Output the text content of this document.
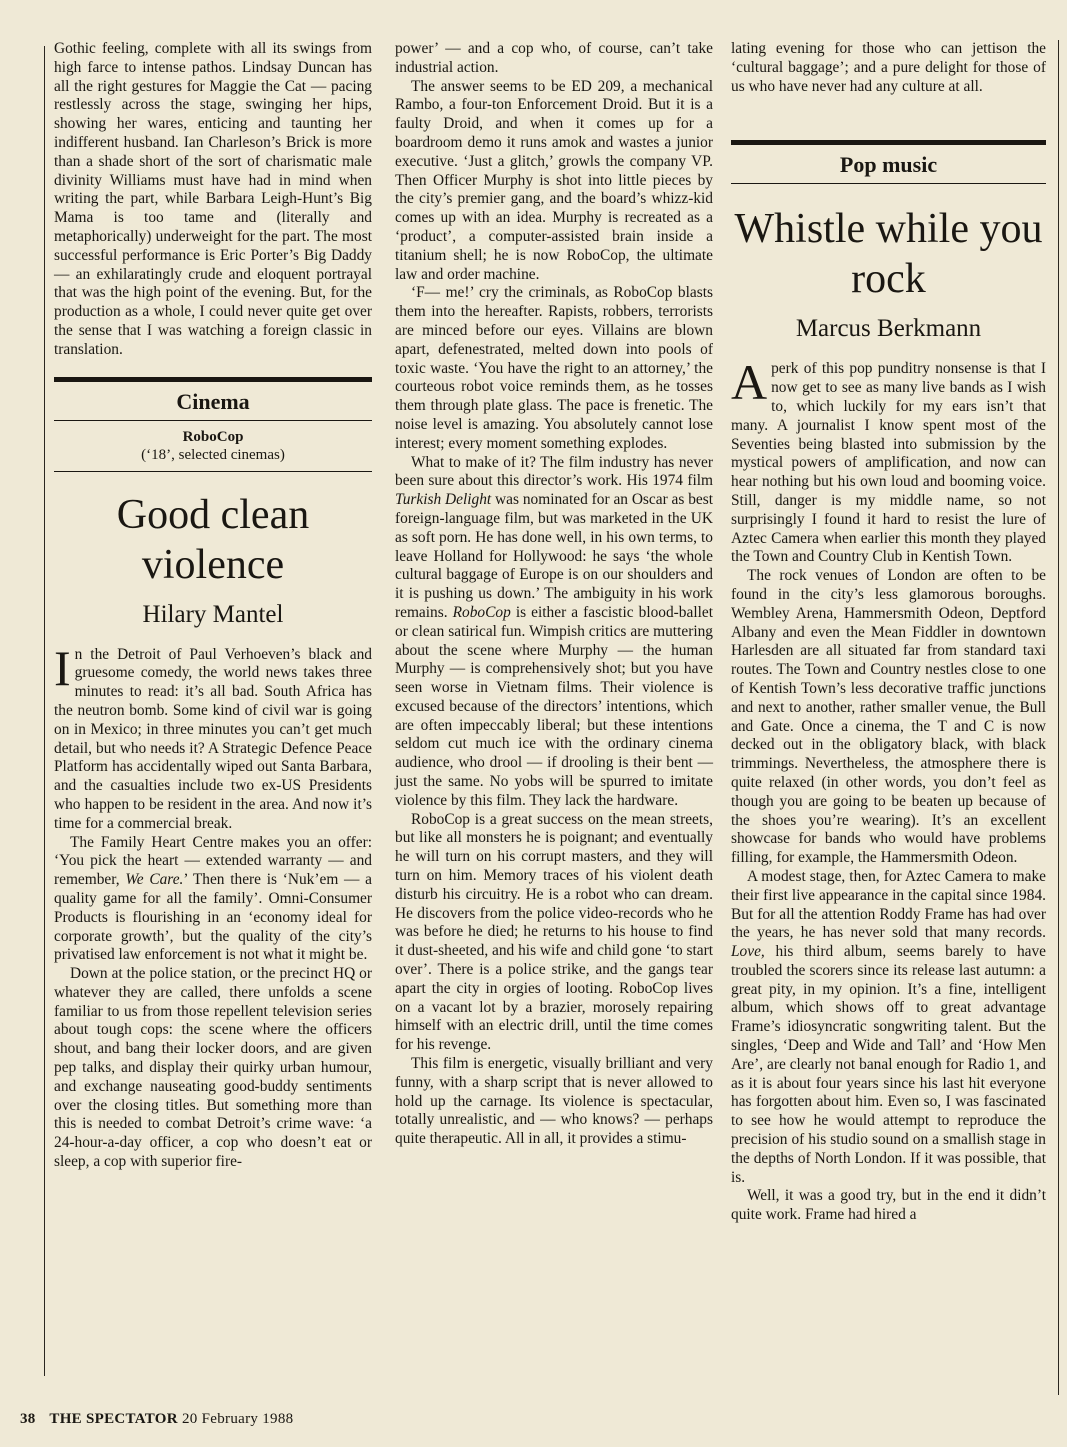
Gothic feeling, complete with all its swings from high farce to intense pathos. Lindsay Duncan has all the right gestures for Maggie the Cat — pacing restlessly across the stage, swinging her hips, showing her wares, enticing and taunting her indifferent husband. Ian Charleson’s Brick is more than a shade short of the sort of charismatic male divinity Williams must have had in mind when writing the part, while Barbara Leigh-Hunt’s Big Mama is too tame and (literally and metaphorically) underweight for the part. The most successful performance is Eric Porter’s Big Daddy — an exhilaratingly crude and eloquent portrayal that was the high point of the evening. But, for the production as a whole, I could never quite get over the sense that I was watching a foreign classic in translation.

Cinema
RoboCop
(‘18’, selected cinemas)
Good clean violence
Hilary Mantel

In the Detroit of Paul Verhoeven’s black and gruesome comedy, the world news takes three minutes to read: it’s all bad. South Africa has the neutron bomb. Some kind of civil war is going on in Mexico; in three minutes you can’t get much detail, but who needs it? A Strategic Defence Peace Platform has accidentally wiped out Santa Barbara, and the casualties include two ex-US Presidents who happen to be resident in the area. And now it’s time for a commercial break.

The Family Heart Centre makes you an offer: ‘You pick the heart — extended warranty — and remember, We Care.’ Then there is ‘Nuk’em — a quality game for all the family’. Omni-Consumer Products is flourishing in an ‘economy ideal for corporate growth’, but the quality of the city’s privatised law enforcement is not what it might be.

Down at the police station, or the precinct HQ or whatever they are called, there unfolds a scene familiar to us from those repellent television series about tough cops: the scene where the officers shout, and bang their locker doors, and are given pep talks, and display their quirky urban humour, and exchange nauseating good-buddy sentiments over the closing titles. But something more than this is needed to combat Detroit’s crime wave: ‘a 24-hour-a-day officer, a cop who doesn’t eat or sleep, a cop with superior fire-

power’ — and a cop who, of course, can’t take industrial action.

The answer seems to be ED 209, a mechanical Rambo, a four-ton Enforcement Droid. But it is a faulty Droid, and when it comes up for a boardroom demo it runs amok and wastes a junior executive. ‘Just a glitch,’ growls the company VP. Then Officer Murphy is shot into little pieces by the city’s premier gang, and the board’s whizz-kid comes up with an idea. Murphy is recreated as a ‘product’, a computer-assisted brain inside a titanium shell; he is now RoboCop, the ultimate law and order machine.

‘F— me!’ cry the criminals, as RoboCop blasts them into the hereafter. Rapists, robbers, terrorists are minced before our eyes. Villains are blown apart, defenestrated, melted down into pools of toxic waste. ‘You have the right to an attorney,’ the courteous robot voice reminds them, as he tosses them through plate glass. The pace is frenetic. The noise level is amazing. You absolutely cannot lose interest; every moment something explodes.

What to make of it? The film industry has never been sure about this director’s work. His 1974 film Turkish Delight was nominated for an Oscar as best foreign-language film, but was marketed in the UK as soft porn. He has done well, in his own terms, to leave Holland for Hollywood: he says ‘the whole cultural baggage of Europe is on our shoulders and it is pushing us down.’ The ambiguity in his work remains. RoboCop is either a fascistic blood-ballet or clean satirical fun. Wimpish critics are muttering about the scene where Murphy — the human Murphy — is comprehensively shot; but you have seen worse in Vietnam films. Their violence is excused because of the directors’ intentions, which are often impeccably liberal; but these intentions seldom cut much ice with the ordinary cinema audience, who drool — if drooling is their bent — just the same. No yobs will be spurred to imitate violence by this film. They lack the hardware.

RoboCop is a great success on the mean streets, but like all monsters he is poignant; and eventually he will turn on his corrupt masters, and they will turn on him. Memory traces of his violent death disturb his circuitry. He is a robot who can dream. He discovers from the police video-records who he was before he died; he returns to his house to find it dust-sheeted, and his wife and child gone ‘to start over’. There is a police strike, and the gangs tear apart the city in orgies of looting. RoboCop lives on a vacant lot by a brazier, morosely repairing himself with an electric drill, until the time comes for his revenge.

This film is energetic, visually brilliant and very funny, with a sharp script that is never allowed to hold up the carnage. Its violence is spectacular, totally unrealistic, and — who knows? — perhaps quite therapeutic. All in all, it provides a stimu-

lating evening for those who can jettison the ‘cultural baggage’; and a pure delight for those of us who have never had any culture at all.

Pop music
Whistle while you rock
Marcus Berkmann

Aperk of this pop punditry nonsense is that I now get to see as many live bands as I wish to, which luckily for my ears isn’t that many. A journalist I know spent most of the Seventies being blasted into submission by the mystical powers of amplification, and now can hear nothing but his own loud and booming voice. Still, danger is my middle name, so not surprisingly I found it hard to resist the lure of Aztec Camera when earlier this month they played the Town and Country Club in Kentish Town.

The rock venues of London are often to be found in the city’s less glamorous boroughs. Wembley Arena, Hammersmith Odeon, Deptford Albany and even the Mean Fiddler in downtown Harlesden are all situated far from standard taxi routes. The Town and Country nestles close to one of Kentish Town’s less decorative traffic junctions and next to another, rather smaller venue, the Bull and Gate. Once a cinema, the T and C is now decked out in the obligatory black, with black trimmings. Nevertheless, the atmosphere there is quite relaxed (in other words, you don’t feel as though you are going to be beaten up because of the shoes you’re wearing). It’s an excellent showcase for bands who would have problems filling, for example, the Hammersmith Odeon.

A modest stage, then, for Aztec Camera to make their first live appearance in the capital since 1984. But for all the attention Roddy Frame has had over the years, he has never sold that many records. Love, his third album, seems barely to have troubled the scorers since its release last autumn: a great pity, in my opinion. It’s a fine, intelligent album, which shows off to great advantage Frame’s idiosyncratic songwriting talent. But the singles, ‘Deep and Wide and Tall’ and ‘How Men Are’, are clearly not banal enough for Radio 1, and as it is about four years since his last hit everyone has forgotten about him. Even so, I was fascinated to see how he would attempt to reproduce the precision of his studio sound on a smallish stage in the depths of North London. If it was possible, that is.

Well, it was a good try, but in the end it didn’t quite work. Frame had hired a

38 THE SPECTATOR 20 February 1988
